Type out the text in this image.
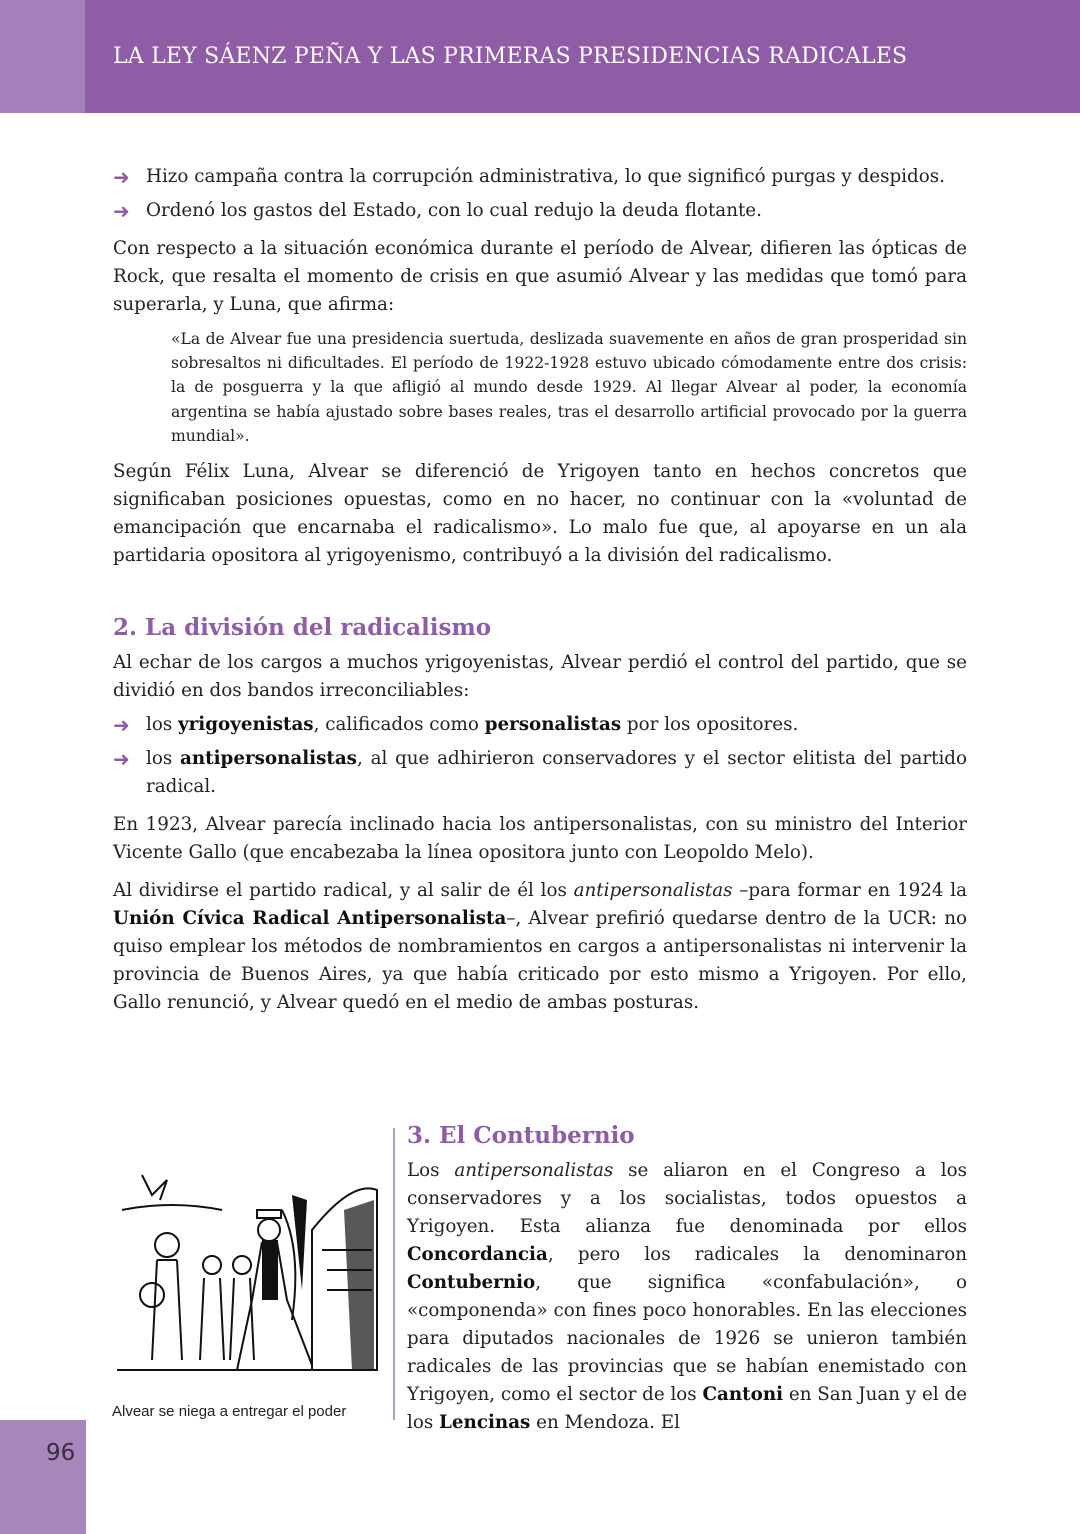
LA LEY SÁENZ PEÑA Y LAS PRIMERAS PRESIDENCIAS RADICALES

➜ Hizo campaña contra la corrupción administrativa, lo que significó purgas y despidos.

➜ Ordenó los gastos del Estado, con lo cual redujo la deuda flotante.

Con respecto a la situación económica durante el período de Alvear, difieren las ópticas de Rock, que resalta el momento de crisis en que asumió Alvear y las medidas que tomó para superarla, y Luna, que afirma:

«La de Alvear fue una presidencia suertuda, deslizada suavemente en años de gran prosperidad sin sobresaltos ni dificultades. El período de 1922-1928 estuvo ubicado cómodamente entre dos crisis: la de posguerra y la que afligió al mundo desde 1929. Al llegar Alvear al poder, la economía argentina se había ajustado sobre bases reales, tras el desarrollo artificial provocado por la guerra mundial».

Según Félix Luna, Alvear se diferenció de Yrigoyen tanto en hechos concretos que significaban posiciones opuestas, como en no hacer, no continuar con la «voluntad de emancipación que encarnaba el radicalismo». Lo malo fue que, al apoyarse en un ala partidaria opositora al yrigoyenismo, contribuyó a la división del radicalismo.

2. La división del radicalismo

Al echar de los cargos a muchos yrigoyenistas, Alvear perdió el control del partido, que se dividió en dos bandos irreconciliables:

➜ los yrigoyenistas, calificados como personalistas por los opositores.

➜ los antipersonalistas, al que adhirieron conservadores y el sector elitista del partido radical.

En 1923, Alvear parecía inclinado hacia los antipersonalistas, con su ministro del Interior Vicente Gallo (que encabezaba la línea opositora junto con Leopoldo Melo).

Al dividirse el partido radical, y al salir de él los antipersonalistas –para formar en 1924 la Unión Cívica Radical Antipersonalista–, Alvear prefirió quedarse dentro de la UCR: no quiso emplear los métodos de nombramientos en cargos a antipersonalistas ni intervenir la provincia de Buenos Aires, ya que había criticado por esto mismo a Yrigoyen. Por ello, Gallo renunció, y Alvear quedó en el medio de ambas posturas.

Alvear se niega a entregar el poder
3. El Contubernio

Los antipersonalistas se aliaron en el Congreso a los conservadores y a los socialistas, todos opuestos a Yrigoyen. Esta alianza fue denominada por ellos Concordancia, pero los radicales la denominaron Contubernio, que significa «confabulación», o «componenda» con fines poco honorables. En las elecciones para diputados nacionales de 1926 se unieron también radicales de las provincias que se habían enemistado con Yrigoyen, como el sector de los Cantoni en San Juan y el de los Lencinas en Mendoza. El

96
